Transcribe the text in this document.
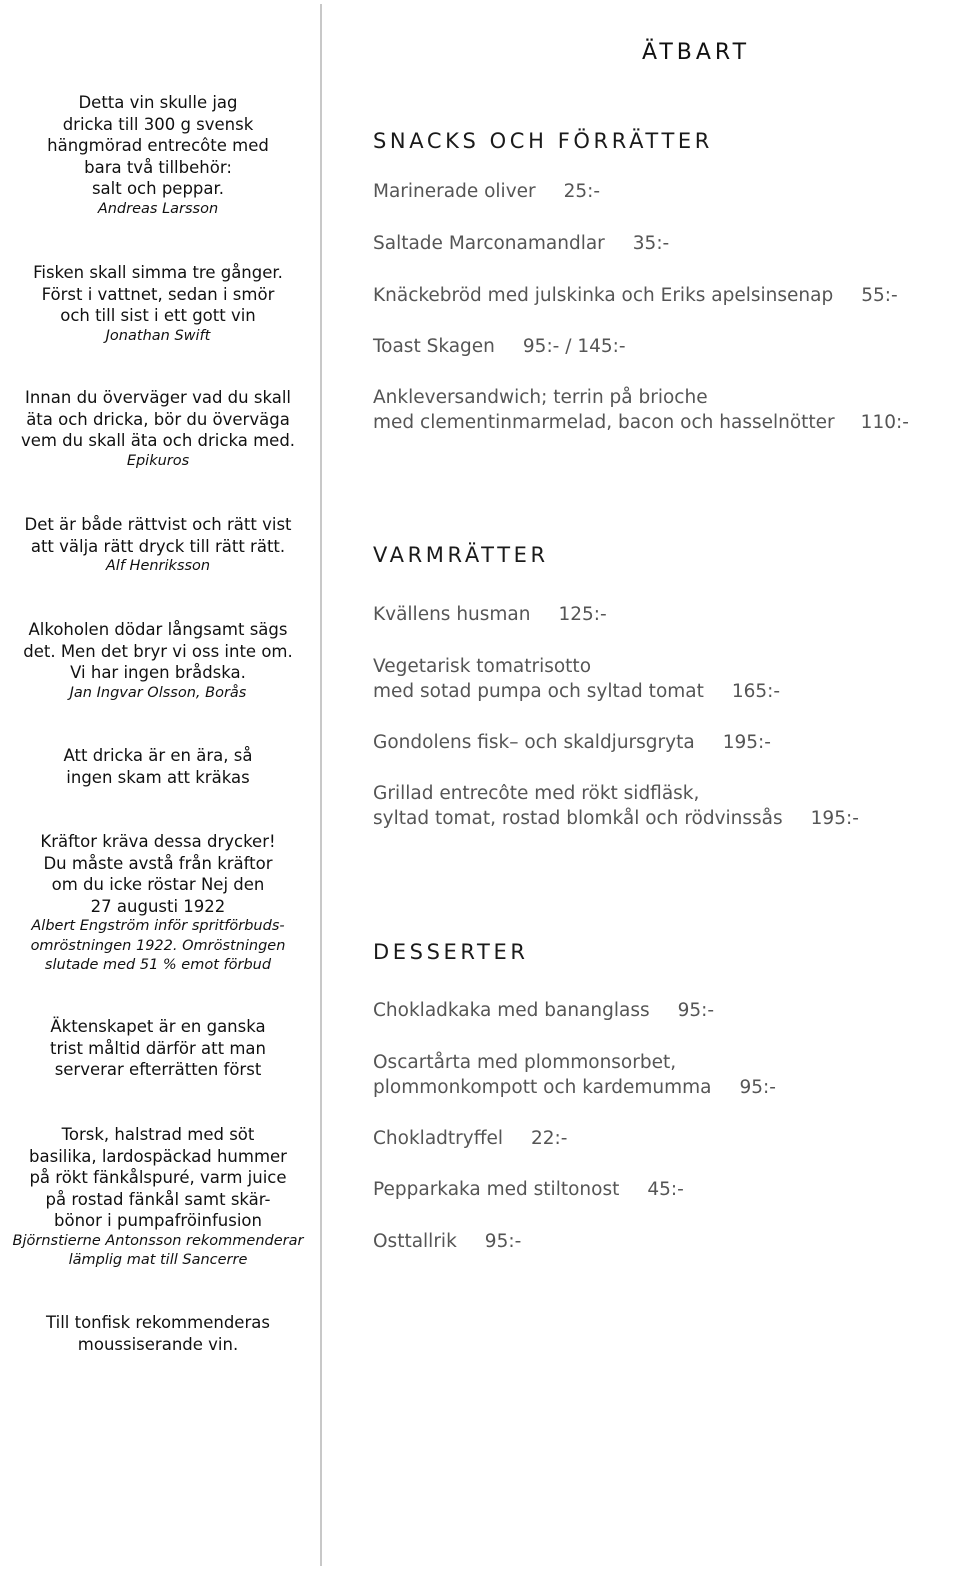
Detta vin skulle jag
dricka till 300 g svensk
hängmörad entrecôte med
bara två tillbehör:
salt och peppar.
Andreas Larsson
Fisken skall simma tre gånger.
Först i vattnet, sedan i smör
och till sist i ett gott vin
Jonathan Swift
Innan du överväger vad du skall
äta och dricka, bör du överväga
vem du skall äta och dricka med.
Epikuros
Det är både rättvist och rätt vist
att välja rätt dryck till rätt rätt.
Alf Henriksson
Alkoholen dödar långsamt sägs
det. Men det bryr vi oss inte om.
Vi har ingen brådska.
Jan Ingvar Olsson, Borås
Att dricka är en ära, så
ingen skam att kräkas
Kräftor kräva dessa drycker!
Du måste avstå från kräftor
om du icke röstar Nej den
27 augusti 1922
Albert Engström inför spritförbuds-
omröstningen 1922. Omröstningen
slutade med 51 % emot förbud
Äktenskapet är en ganska
trist måltid därför att man
serverar efterrätten först
Torsk, halstrad med söt
basilika, lardospäckad hummer
på rökt fänkålspuré, varm juice
på rostad fänkål samt skär-
bönor i pumpafröinfusion
Björnstierne Antonsson rekommenderar
lämplig mat till Sancerre
Till tonfisk rekommenderas
moussiserande vin.
ÄTBART
SNACKS OCH FÖRRÄTTER
Marinerade oliver 25:-
Saltade Marconamandlar 35:-
Knäckebröd med julskinka och Eriks apelsinsenap 55:-
Toast Skagen 95:- / 145:-
Ankleversandwich; terrin på brioche
med clementinmarmelad, bacon och hasselnötter 110:-
VARMRÄTTER
Kvällens husman 125:-
Vegetarisk tomatrisotto
med sotad pumpa och syltad tomat 165:-
Gondolens fisk– och skaldjursgryta 195:-
Grillad entrecôte med rökt sidfläsk,
syltad tomat, rostad blomkål och rödvinssås 195:-
DESSERTER
Chokladkaka med bananglass 95:-
Oscartårta med plommonsorbet,
plommonkompott och kardemumma 95:-
Chokladtryffel 22:-
Pepparkaka med stiltonost 45:-
Osttallrik 95:-
